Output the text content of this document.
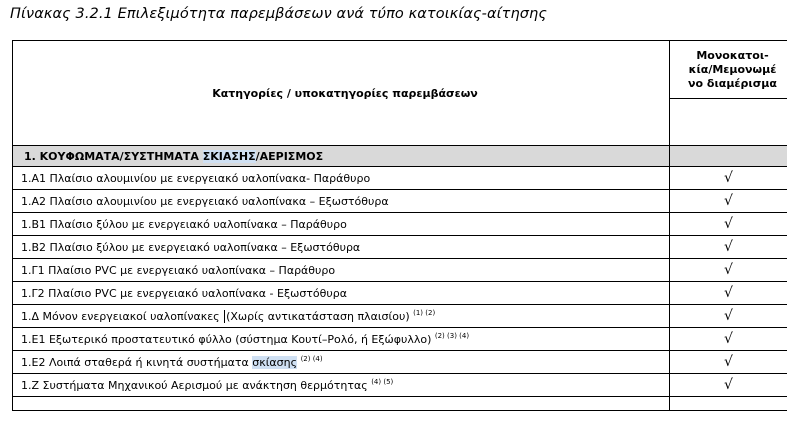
Πίνακας 3.2.1 Επιλεξιμότητα παρεμβάσεων ανά τύπο κατοικίας-αίτησης
Κατηγορίες / υποκατηγορίες παρεμβάσεων	Μονοκατοι-
κία/Μεμονωμέ
νο διαμέρισμα

1. ΚΟΥΦΩΜΑΤΑ/ΣΥΣΤΗΜΑΤΑ ΣΚΙΑΣΗΣ/ΑΕΡΙΣΜΟΣ	
1.Α1 Πλαίσιο αλουμινίου με ενεργειακό υαλοπίνακα- Παράθυρο	√
1.Α2 Πλαίσιο αλουμινίου με ενεργειακό υαλοπίνακα – Εξωστόθυρα	√
1.Β1 Πλαίσιο ξύλου με ενεργειακό υαλοπίνακα – Παράθυρο	√
1.Β2 Πλαίσιο ξύλου με ενεργειακό υαλοπίνακα – Εξωστόθυρα	√
1.Γ1 Πλαίσιο PVC με ενεργειακό υαλοπίνακα – Παράθυρο	√
1.Γ2 Πλαίσιο PVC με ενεργειακό υαλοπίνακα - Εξωστόθυρα	√
1.Δ Μόνον ενεργειακοί υαλοπίνακες (Χωρίς αντικατάσταση πλαισίου) $^{(1) (2)}$	√
1.Ε1 Εξωτερικό προστατευτικό φύλλο (σύστημα Κουτί–Ρολό, ή Εξώφυλλο) $^{(2) (3) (4)}$	√
1.Ε2 Λοιπά σταθερά ή κινητά συστήματα σκίασης $^{(2) (4)}$	√
1.Ζ Συστήματα Μηχανικού Αερισμού με ανάκτηση θερμότητας $^{(4) (5)}$	√
